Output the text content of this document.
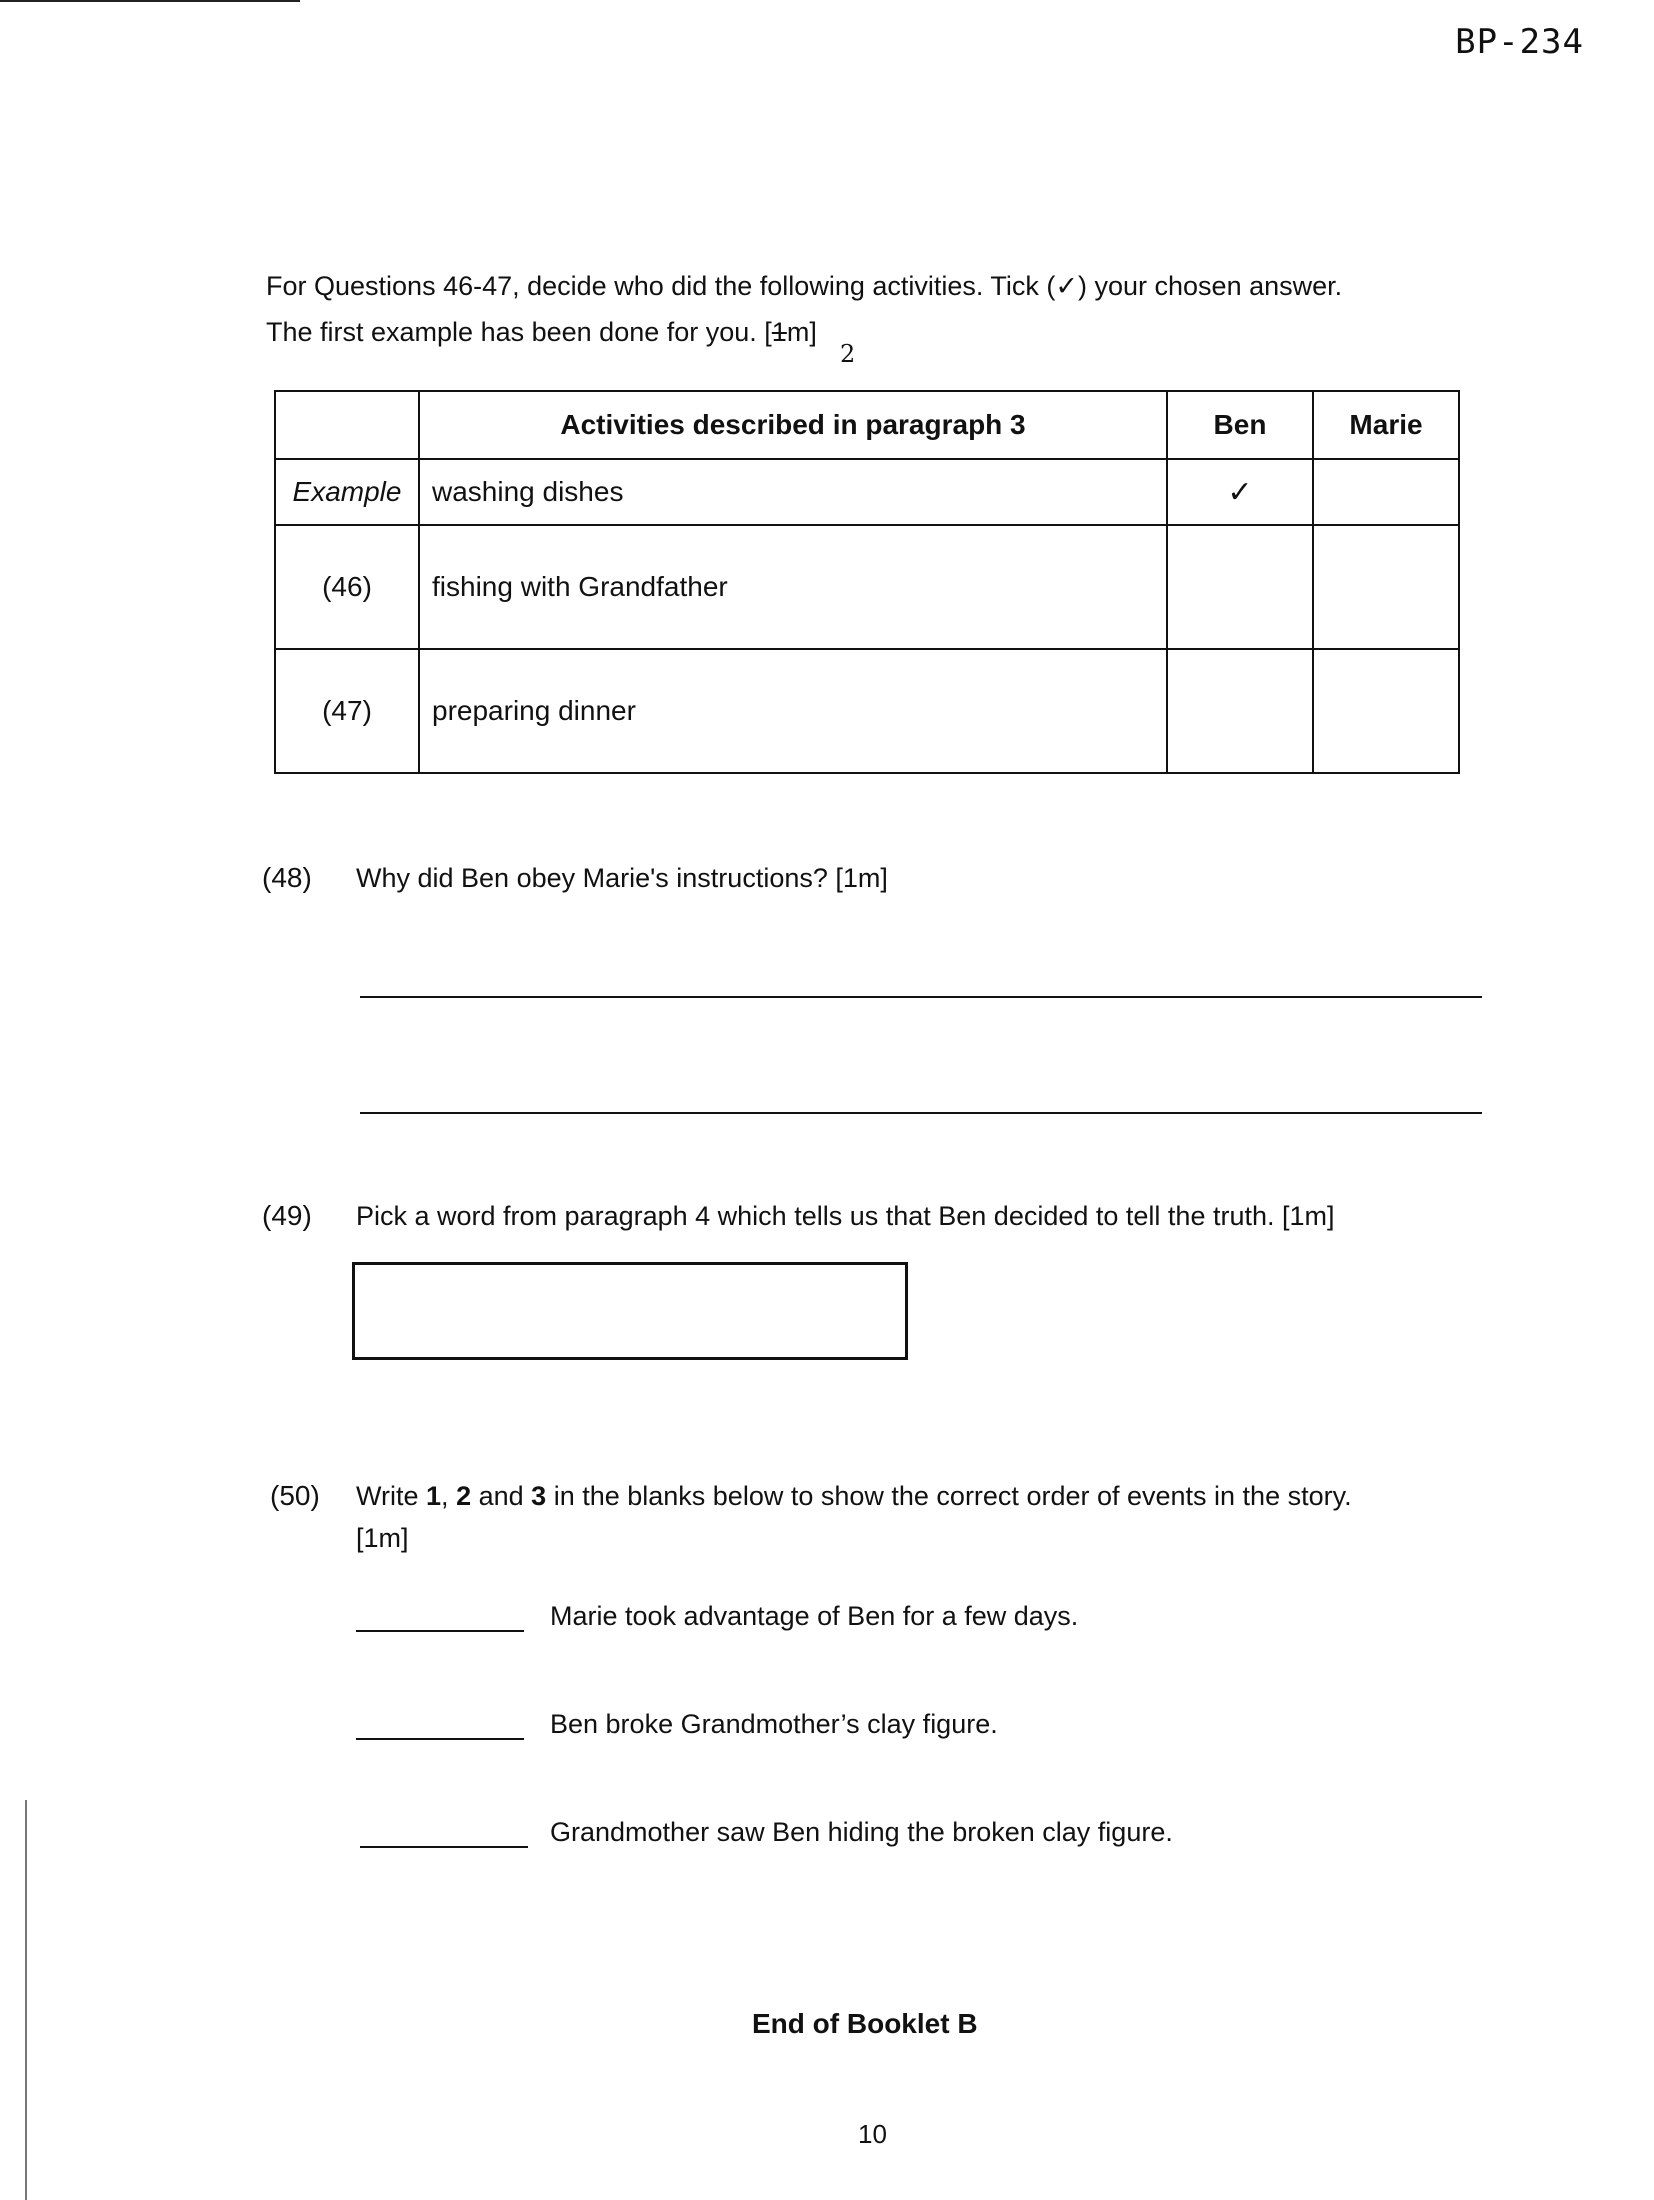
BP-234
For Questions 46-47, decide who did the following activities. Tick (✓) your chosen answer.
The first example has been done for you. [1m]
2
	Activities described in paragraph 3	Ben	Marie
Example	washing dishes	✓	
(46)	fishing with Grandfather		
(47)	preparing dinner		
(48) Why did Ben obey Marie's instructions? [1m]
(49) Pick a word from paragraph 4 which tells us that Ben decided to tell the truth. [1m]
(50) Write 1, 2 and 3 in the blanks below to show the correct order of events in the story.
[1m]
Marie took advantage of Ben for a few days.
Ben broke Grandmother’s clay figure.
Grandmother saw Ben hiding the broken clay figure.
End of Booklet B
10
